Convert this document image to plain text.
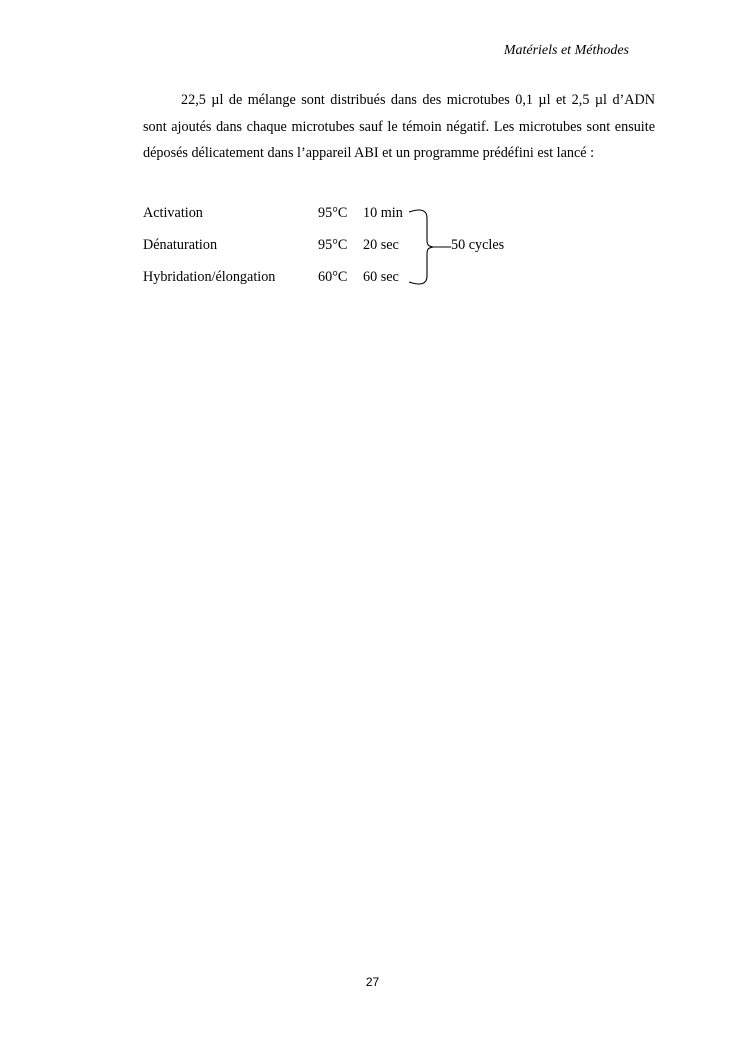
Matériels et Méthodes

22,5 µl de mélange sont distribués dans des microtubes 0,1 µl et 2,5 µl d’ADN sont ajoutés dans chaque microtubes sauf le témoin négatif. Les microtubes sont ensuite déposés délicatement dans l’appareil ABI et un programme prédéfini est lancé :

Activation	95°C 10 min
Dénaturation	95°C 20 sec
Hybridation/élongation	60°C 60 sec
50 cycles
27
